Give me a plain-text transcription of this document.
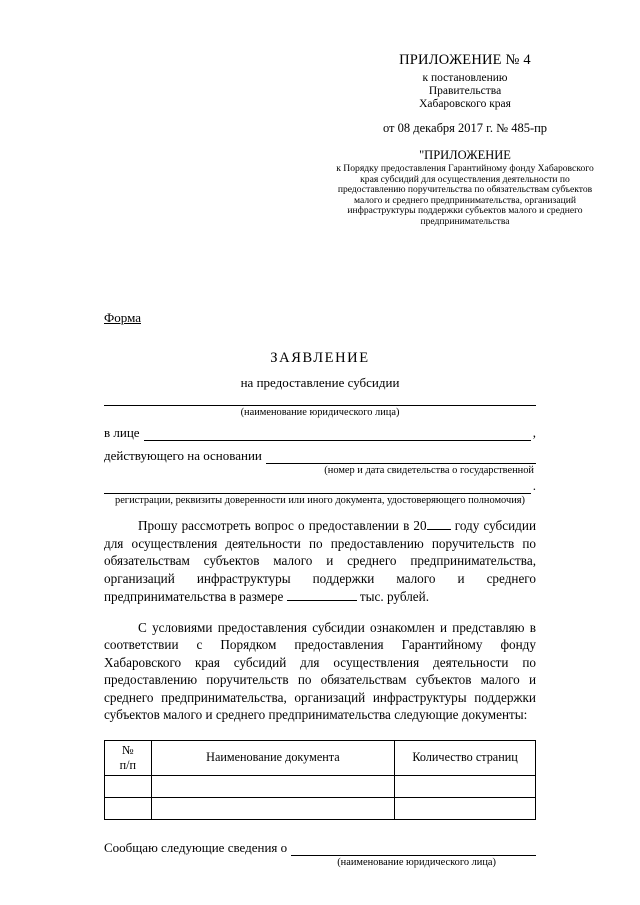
ПРИЛОЖЕНИЕ № 4
к постановлению
Правительства
Хабаровского края
от 08 декабря 2017 г. № 485-пр
"ПРИЛОЖЕНИЕ
к Порядку предоставления Гарантийному фонду Хабаровского края субсидий для осуществления деятельности по предоставлению поручительства по обязательствам субъектов малого и среднего предпринимательства, организаций инфраструктуры поддержки субъектов малого и среднего предпринимательства
Форма
ЗАЯВЛЕНИЕ
на предоставление субсидии
(наименование юридического лица)
в лице	,
действующего на основании
(номер и дата свидетельства о государственной
.
регистрации, реквизиты доверенности или иного документа, удостоверяющего полномочия)

Прошу рассмотреть вопрос о предоставлении в 20 году субсидии для осуществления деятельности по предоставлению поручительств по обязательствам субъектов малого и среднего предпринимательства, организаций инфраструктуры поддержки малого и среднего предпринимательства в размере	тыс. рублей.

С условиями предоставления субсидии ознакомлен и представляю в соответствии с Порядком предоставления Гарантийному фонду Хабаровского края субсидий для осуществления деятельности по предоставлению поручительств по обязательствам субъектов малого и среднего предпринимательства, организаций инфраструктуры поддержки субъектов малого и среднего предпринимательства следующие документы:

№
п/п	Наименование документа	Количество страниц

Сообщаю следующие сведения о
(наименование юридического лица)
